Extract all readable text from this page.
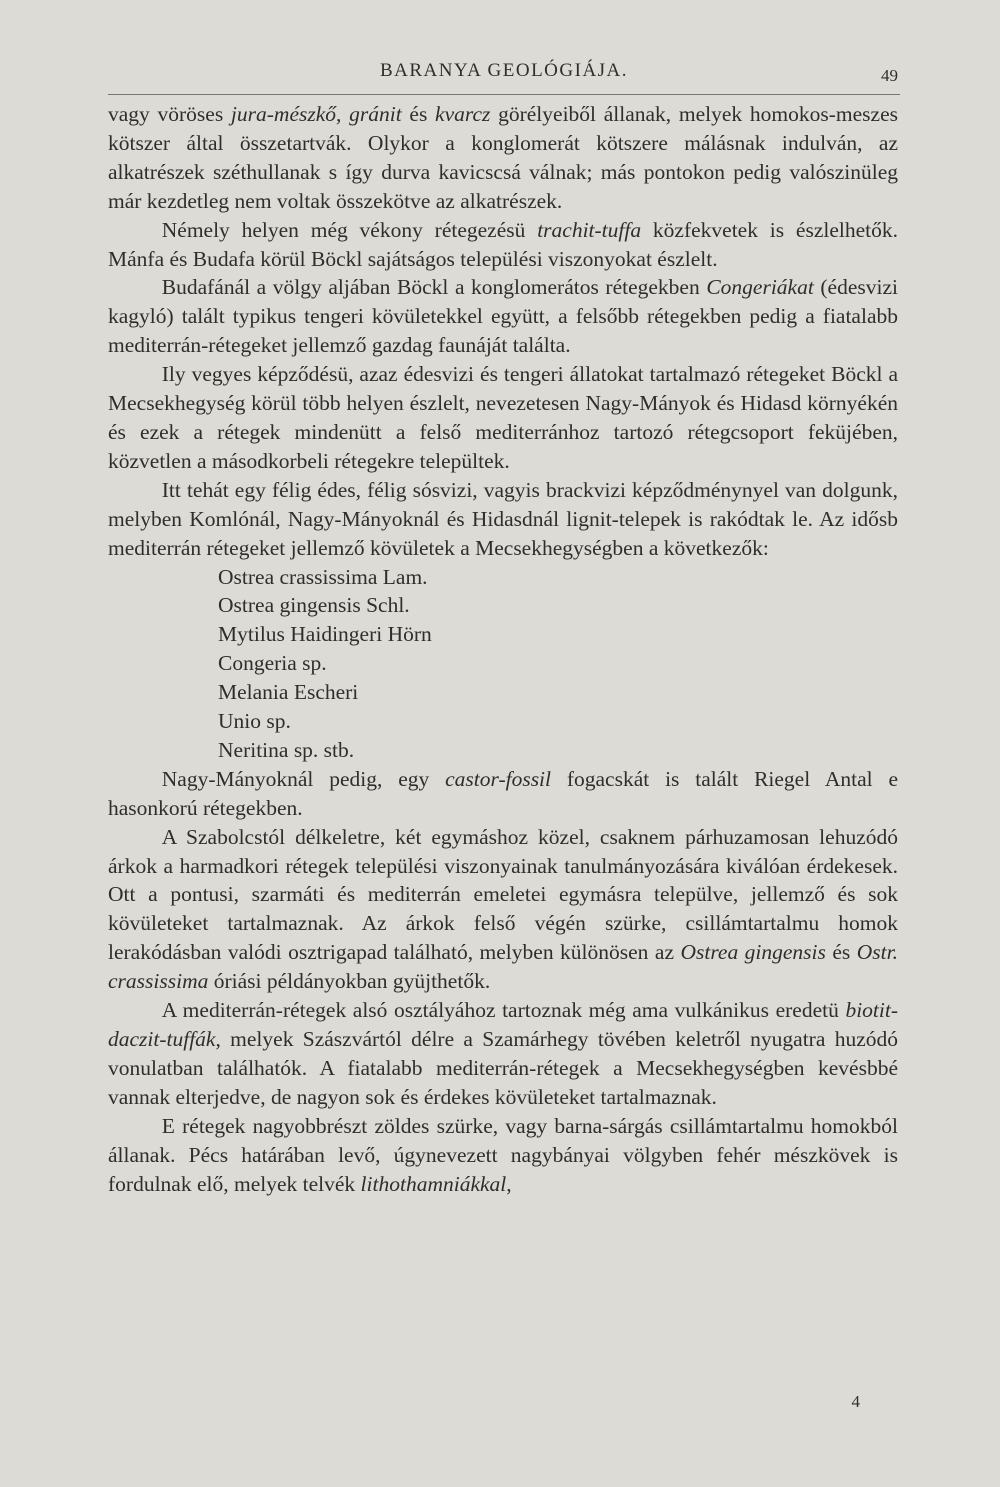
BARANYA GEOLÓGIÁJA.	49

vagy vöröses jura-mészkő, gránit és kvarcz görélyeiből állanak, melyek homokos-meszes kötszer által összetartvák. Olykor a konglomerát kötszere málásnak indulván, az alkatrészek széthullanak s így durva kavicscsá válnak; más pontokon pedig valószinüleg már kezdetleg nem voltak összekötve az alkatrészek.

Némely helyen még vékony rétegezésü trachit-tuffa közfekvetek is észlelhetők. Mánfa és Budafa körül Böckl sajátságos települési viszonyokat észlelt.

Budafánál a völgy aljában Böckl a konglomerátos rétegekben Congeriákat (édesvizi kagyló) talált typikus tengeri kövületekkel együtt, a felsőbb rétegekben pedig a fiatalabb mediterrán-rétegeket jellemző gazdag faunáját találta.

Ily vegyes képződésü, azaz édesvizi és tengeri állatokat tartalmazó rétegeket Böckl a Mecsekhegység körül több helyen észlelt, nevezetesen Nagy-Mányok és Hidasd környékén és ezek a rétegek mindenütt a felső mediterránhoz tartozó rétegcsoport feküjében, közvetlen a másodkorbeli rétegekre települtek.

Itt tehát egy félig édes, félig sósvizi, vagyis brackvizi képződménynyel van dolgunk, melyben Komlónál, Nagy-Mányoknál és Hidasdnál lignit-telepek is rakódtak le. Az idősb mediterrán rétegeket jellemző kövületek a Mecsekhegységben a következők:

Ostrea crassissima Lam.
Ostrea gingensis Schl.
Mytilus Haidingeri Hörn
Congeria sp.
Melania Escheri
Unio sp.
Neritina sp. stb.

Nagy-Mányoknál pedig, egy castor-fossil fogacskát is talált Riegel Antal e hasonkorú rétegekben.

A Szabolcstól délkeletre, két egymáshoz közel, csaknem párhuzamosan lehuzódó árkok a harmadkori rétegek települési viszonyainak tanulmányozására kiválóan érdekesek. Ott a pontusi, szarmáti és mediterrán emeletei egymásra települve, jellemző és sok kövületeket tartalmaznak. Az árkok felső végén szürke, csillámtartalmu homok lerakódásban valódi osztrigapad található, melyben különösen az Ostrea gingensis és Ostr. crassissima óriási példányokban gyüjthetők.

A mediterrán-rétegek alsó osztályához tartoznak még ama vulkánikus eredetü biotit-daczit-tuffák, melyek Szászvártól délre a Szamárhegy tövében keletről nyugatra huzódó vonulatban találhatók. A fiatalabb mediterrán-rétegek a Mecsekhegységben kevésbbé vannak elterjedve, de nagyon sok és érdekes kövületeket tartalmaznak.

E rétegek nagyobbrészt zöldes szürke, vagy barna-sárgás csillámtartalmu homokból állanak. Pécs határában levő, úgynevezett nagybányai völgyben fehér mészkövek is fordulnak elő, melyek telvék lithothamniákkal,

4
